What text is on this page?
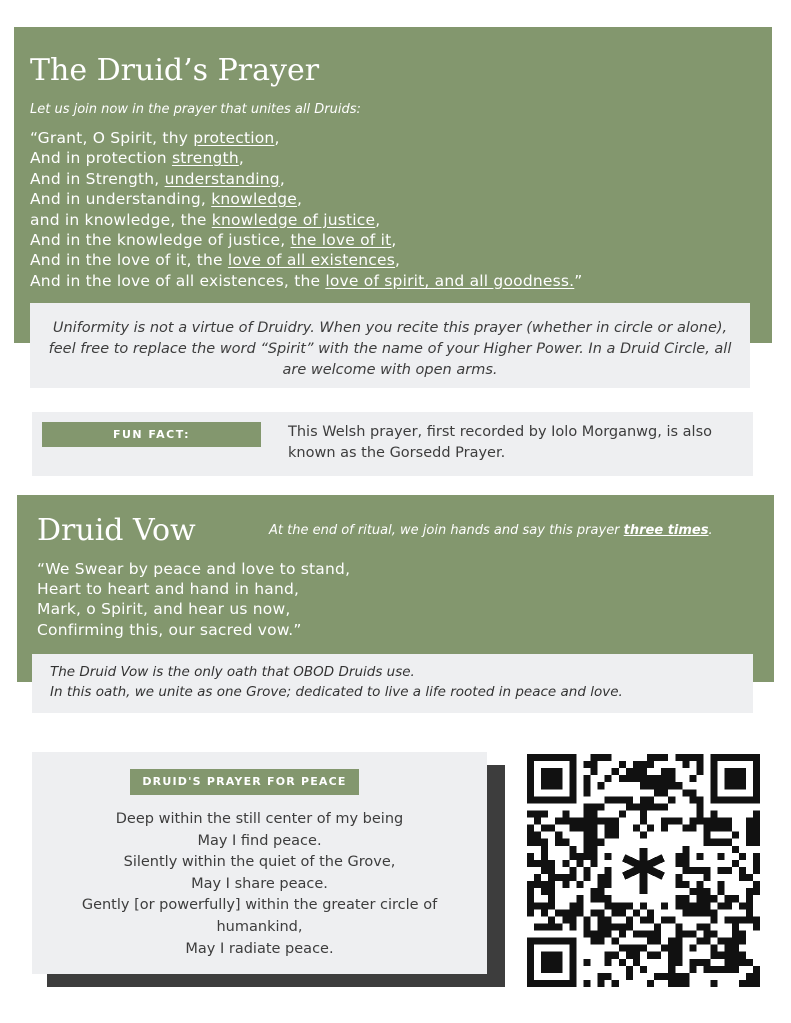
The Druid’s Prayer
Let us join now in the prayer that unites all Druids:
“Grant, O Spirit, thy protection,
And in protection strength,
And in Strength, understanding,
And in understanding, knowledge,
and in knowledge, the knowledge of justice,
And in the knowledge of justice, the love of it,
And in the love of it, the love of all existences,
And in the love of all existences, the love of spirit, and all goodness.”
Uniformity is not a virtue of Druidry. When you recite this prayer (whether in circle or alone), feel free to replace the word “Spirit” with the name of your Higher Power. In a Druid Circle, all are welcome with open arms.
FUN FACT:	This Welsh prayer, first recorded by Iolo Morganwg, is also known as the Gorsedd Prayer.
Druid Vow	At the end of ritual, we join hands and say this prayer three times.
“We Swear by peace and love to stand,
Heart to heart and hand in hand,
Mark, o Spirit, and hear us now,
Confirming this, our sacred vow.”
The Druid Vow is the only oath that OBOD Druids use.
In this oath, we unite as one Grove; dedicated to live a life rooted in peace and love.
DRUID'S PRAYER FOR PEACE
Deep within the still center of my being
May I find peace.
Silently within the quiet of the Grove,
May I share peace.
Gently [or powerfully] within the greater circle of
humankind,
May I radiate peace.
